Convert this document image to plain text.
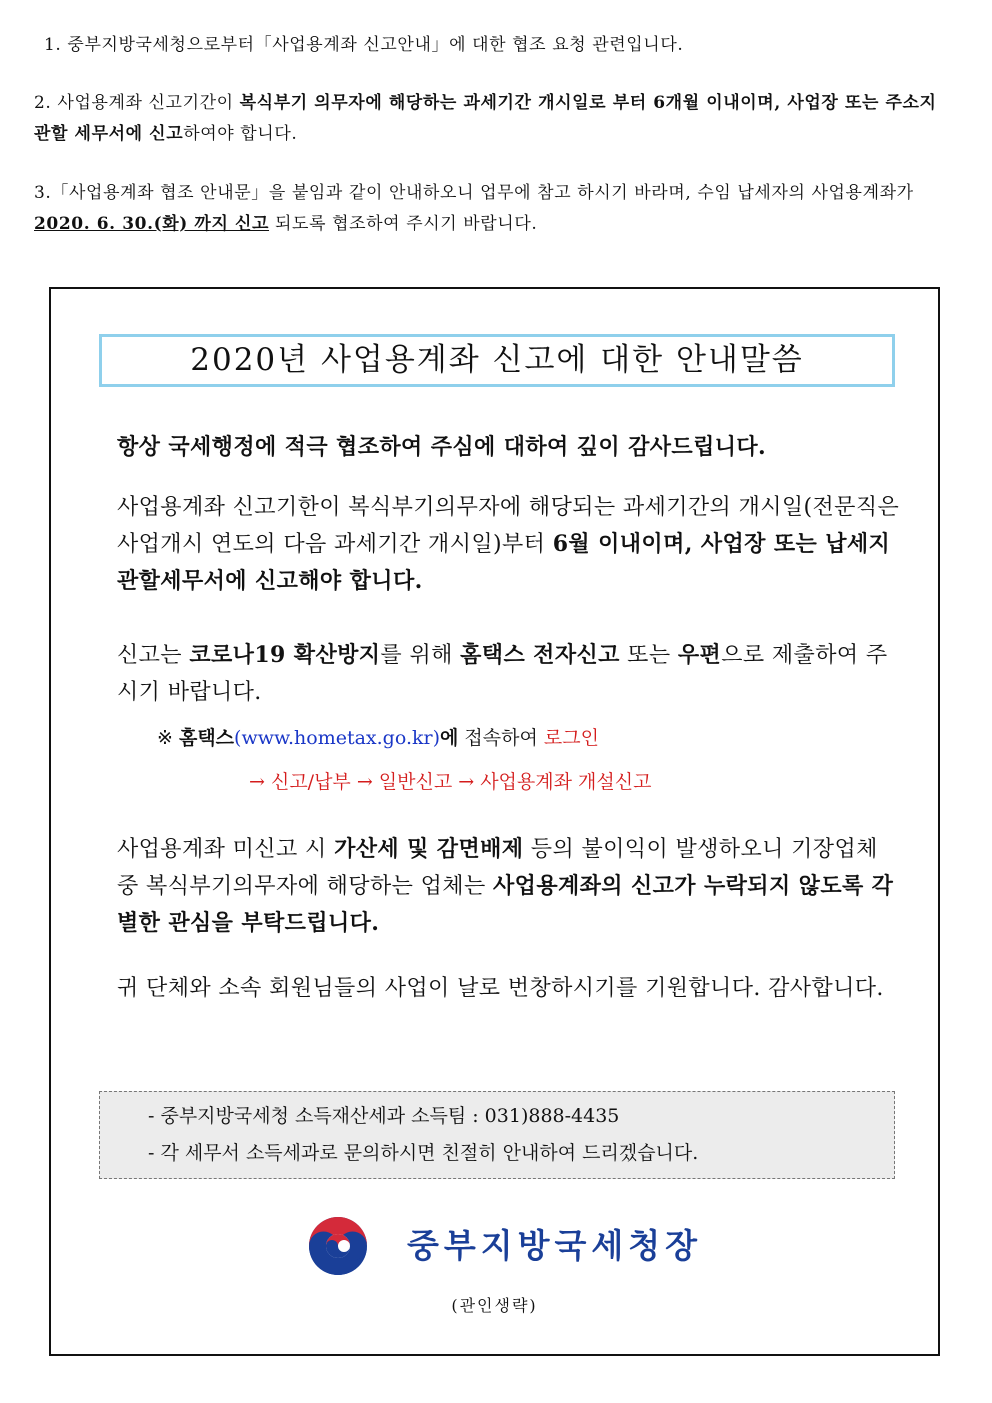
1. 중부지방국세청으로부터「사업용계좌 신고안내」에 대한 협조 요청 관련입니다.
2. 사업용계좌 신고기간이 복식부기 의무자에 해당하는 과세기간 개시일로 부터 6개월 이내이며, 사업장 또는 주소지 관할 세무서에 신고하여야 합니다.
3.「사업용계좌 협조 안내문」을 붙임과 같이 안내하오니 업무에 참고 하시기 바라며, 수임 납세자의 사업용계좌가 2020. 6. 30.(화) 까지 신고 되도록 협조하여 주시기 바랍니다.
2020년 사업용계좌 신고에 대한 안내말씀
항상 국세행정에 적극 협조하여 주심에 대하여 깊이 감사드립니다.
사업용계좌 신고기한이 복식부기의무자에 해당되는 과세기간의 개시일(전문직은 사업개시 연도의 다음 과세기간 개시일)부터 6월 이내이며, 사업장 또는 납세지 관할세무서에 신고해야 합니다.
신고는 코로나19 확산방지를 위해 홈택스 전자신고 또는 우편으로 제출하여 주시기 바랍니다.
※ 홈택스(www.hometax.go.kr)에 접속하여 로그인
→ 신고/납부 → 일반신고 → 사업용계좌 개설신고
사업용계좌 미신고 시 가산세 및 감면배제 등의 불이익이 발생하오니 기장업체 중 복식부기의무자에 해당하는 업체는 사업용계좌의 신고가 누락되지 않도록 각별한 관심을 부탁드립니다.
귀 단체와 소속 회원님들의 사업이 날로 번창하시기를 기원합니다. 감사합니다.
- 중부지방국세청 소득재산세과 소득팀 : 031)888-4435
- 각 세무서 소득세과로 문의하시면 친절히 안내하여 드리겠습니다.
중부지방국세청장
(관인생략)
